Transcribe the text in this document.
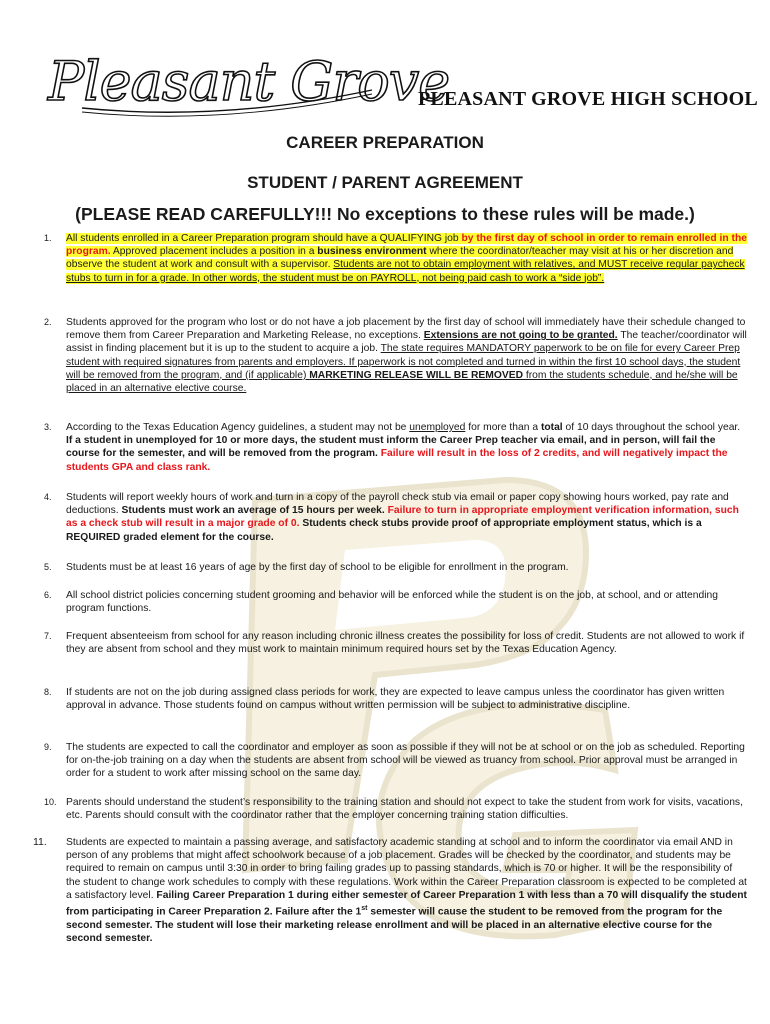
Pleasant Grove
PLEASANT GROVE HIGH SCHOOL
CAREER PREPARATION
STUDENT / PARENT AGREEMENT
(PLEASE READ CAREFULLY!!! No exceptions to these rules will be made.)
1. All students enrolled in a Career Preparation program should have a QUALIFYING job by the first day of school in order to remain enrolled in the program. Approved placement includes a position in a business environment where the coordinator/teacher may visit at his or her discretion and observe the student at work and consult with a supervisor. Students are not to obtain employment with relatives, and MUST receive regular paycheck stubs to turn in for a grade. In other words, the student must be on PAYROLL, not being paid cash to work a “side job”.
2. Students approved for the program who lost or do not have a job placement by the first day of school will immediately have their schedule changed to remove them from Career Preparation and Marketing Release, no exceptions. Extensions are not going to be granted. The teacher/coordinator will assist in finding placement but it is up to the student to acquire a job. The state requires MANDATORY paperwork to be on file for every Career Prep student with required signatures from parents and employers. If paperwork is not completed and turned in within the first 10 school days, the student will be removed from the program, and (if applicable) MARKETING RELEASE WILL BE REMOVED from the students schedule, and he/she will be placed in an alternative elective course.
3. According to the Texas Education Agency guidelines, a student may not be unemployed for more than a total of 10 days throughout the school year. If a student in unemployed for 10 or more days, the student must inform the Career Prep teacher via email, and in person, will fail the course for the semester, and will be removed from the program. Failure will result in the loss of 2 credits, and will negatively impact the students GPA and class rank.
4. Students will report weekly hours of work and turn in a copy of the payroll check stub via email or paper copy showing hours worked, pay rate and deductions. Students must work an average of 15 hours per week. Failure to turn in appropriate employment verification information, such as a check stub will result in a major grade of 0. Students check stubs provide proof of appropriate employment status, which is a REQUIRED graded element for the course.
5. Students must be at least 16 years of age by the first day of school to be eligible for enrollment in the program.
6. All school district policies concerning student grooming and behavior will be enforced while the student is on the job, at school, and or attending program functions.
7. Frequent absenteeism from school for any reason including chronic illness creates the possibility for loss of credit. Students are not allowed to work if they are absent from school and they must work to maintain minimum required hours set by the Texas Education Agency.
8. If students are not on the job during assigned class periods for work, they are expected to leave campus unless the coordinator has given written approval in advance. Those students found on campus without written permission will be subject to administrative discipline.
9. The students are expected to call the coordinator and employer as soon as possible if they will not be at school or on the job as scheduled. Reporting for on-the-job training on a day when the students are absent from school will be viewed as truancy from school. Prior approval must be arranged in order for a student to work after missing school on the same day.
10. Parents should understand the student’s responsibility to the training station and should not expect to take the student from work for visits, vacations, etc. Parents should consult with the coordinator rather that the employer concerning training station difficulties.
11. Students are expected to maintain a passing average, and satisfactory academic standing at school and to inform the coordinator via email AND in person of any problems that might affect schoolwork because of a job placement. Grades will be checked by the coordinator, and students may be required to remain on campus until 3:30 in order to bring failing grades up to passing standards, which is 70 or higher. It will be the responsibility of the student to change work schedules to comply with these regulations. Work within the Career Preparation classroom is expected to be completed at a satisfactory level. Failing Career Preparation 1 during either semester of Career Preparation 1 with less than a 70 will disqualify the student from participating in Career Preparation 2. Failure after the 1st semester will cause the student to be removed from the program for the second semester. The student will lose their marketing release enrollment and will be placed in an alternative elective course for the second semester.
